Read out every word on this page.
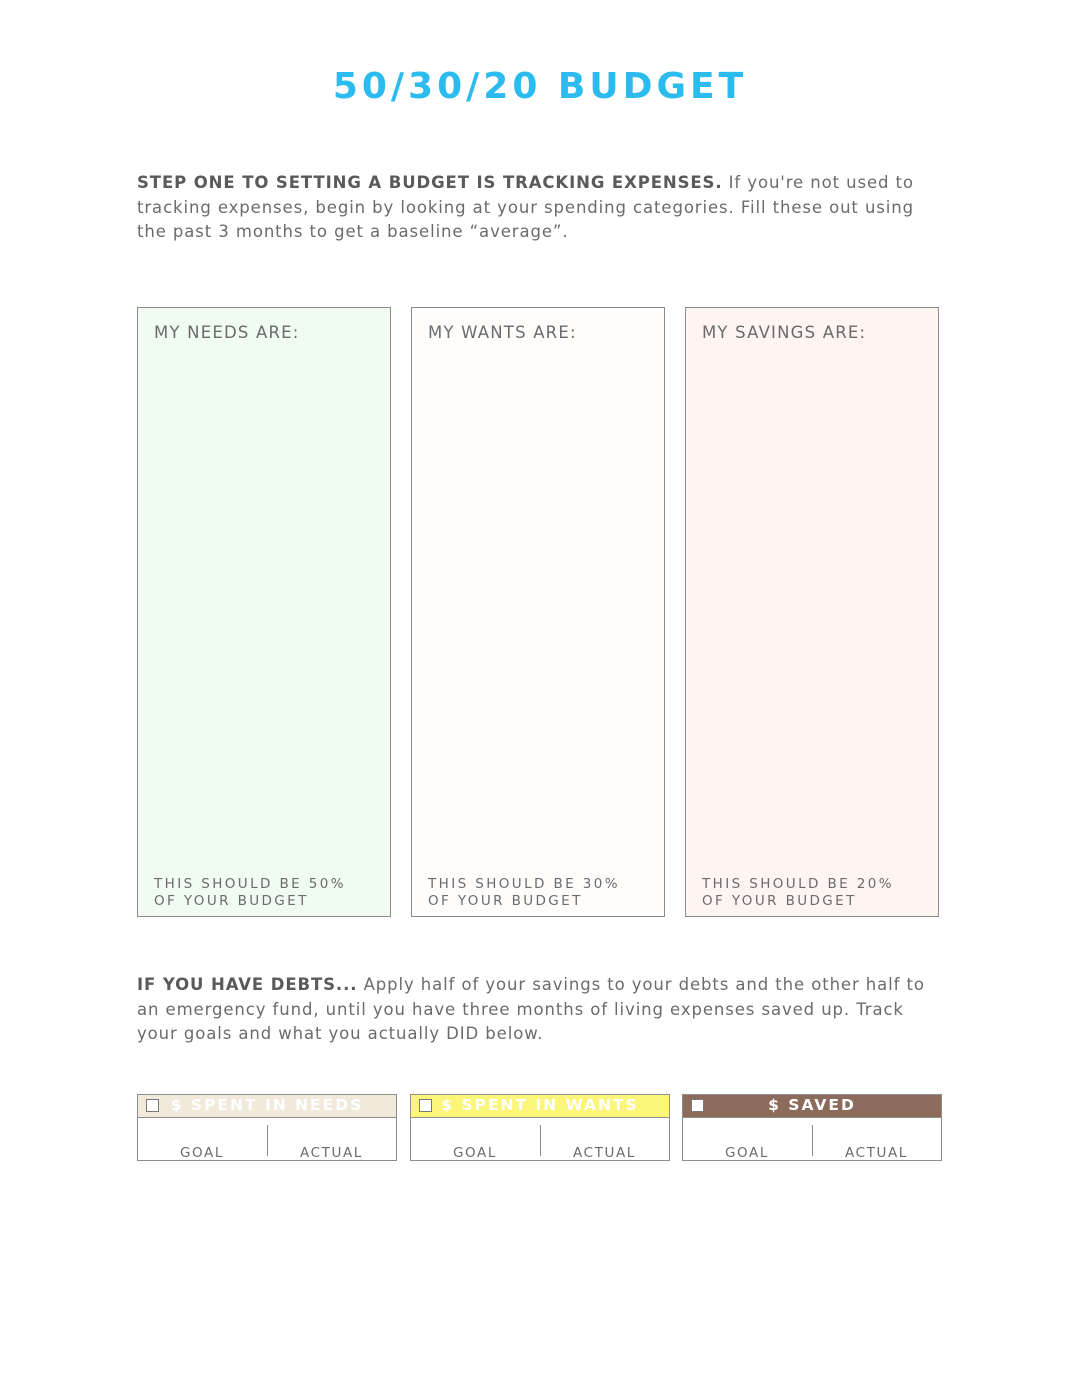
50/30/20 BUDGET

STEP ONE TO SETTING A BUDGET IS TRACKING EXPENSES. If you're not used to tracking expenses, begin by looking at your spending categories. Fill these out using the past 3 months to get a baseline “average”.

MY NEEDS ARE:
THIS SHOULD BE 50%
OF YOUR BUDGET
MY WANTS ARE:
THIS SHOULD BE 30%
OF YOUR BUDGET
MY SAVINGS ARE:
THIS SHOULD BE 20%
OF YOUR BUDGET

IF YOU HAVE DEBTS... Apply half of your savings to your debts and the other half to an emergency fund, until you have three months of living expenses saved up. Track your goals and what you actually DID below.

$ SPENT IN NEEDS
GOAL	ACTUAL
$ SPENT IN WANTS
GOAL	ACTUAL
$ SAVED
GOAL	ACTUAL
